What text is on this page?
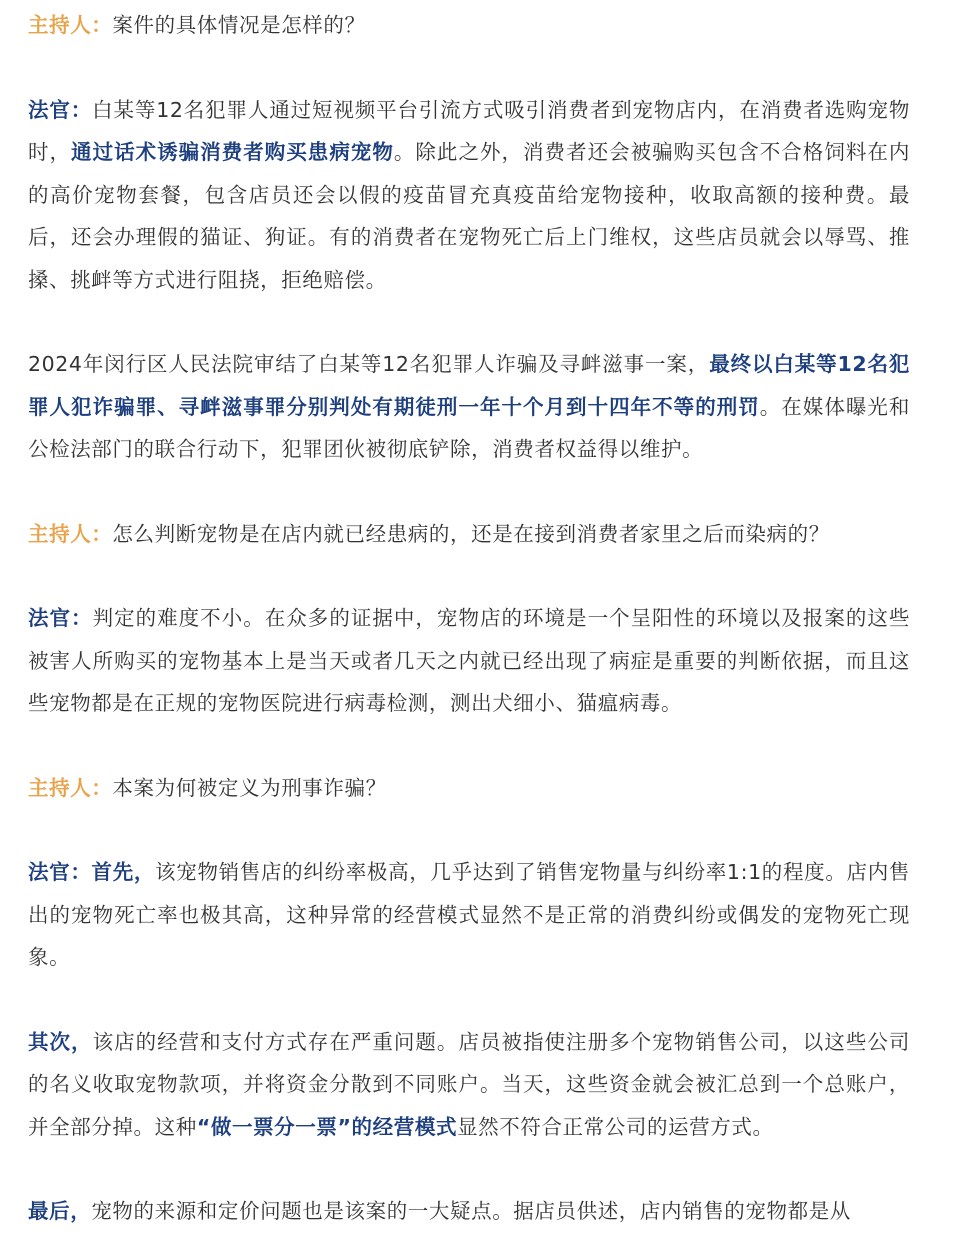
主持人：案件的具体情况是怎样的？

法官：白某等12名犯罪人通过短视频平台引流方式吸引消费者到宠物店内，在消费者选购宠物时，通过话术诱骗消费者购买患病宠物。除此之外，消费者还会被骗购买包含不合格饲料在内的高价宠物套餐，包含店员还会以假的疫苗冒充真疫苗给宠物接种，收取高额的接种费。最后，还会办理假的猫证、狗证。有的消费者在宠物死亡后上门维权，这些店员就会以辱骂、推搡、挑衅等方式进行阻挠，拒绝赔偿。

2024年闵行区人民法院审结了白某等12名犯罪人诈骗及寻衅滋事一案，最终以白某等12名犯罪人犯诈骗罪、寻衅滋事罪分别判处有期徒刑一年十个月到十四年不等的刑罚。在媒体曝光和公检法部门的联合行动下，犯罪团伙被彻底铲除，消费者权益得以维护。

主持人：怎么判断宠物是在店内就已经患病的，还是在接到消费者家里之后而染病的？

法官：判定的难度不小。在众多的证据中，宠物店的环境是一个呈阳性的环境以及报案的这些被害人所购买的宠物基本上是当天或者几天之内就已经出现了病症是重要的判断依据，而且这些宠物都是在正规的宠物医院进行病毒检测，测出犬细小、猫瘟病毒。

主持人：本案为何被定义为刑事诈骗？

法官：首先，该宠物销售店的纠纷率极高，几乎达到了销售宠物量与纠纷率1:1的程度。店内售出的宠物死亡率也极其高，这种异常的经营模式显然不是正常的消费纠纷或偶发的宠物死亡现象。

其次，该店的经营和支付方式存在严重问题。店员被指使注册多个宠物销售公司，以这些公司的名义收取宠物款项，并将资金分散到不同账户。当天，这些资金就会被汇总到一个总账户，并全部分掉。这种“做一票分一票”的经营模式显然不符合正常公司的运营方式。

最后，宠物的来源和定价问题也是该案的一大疑点。据店员供述，店内销售的宠物都是从
